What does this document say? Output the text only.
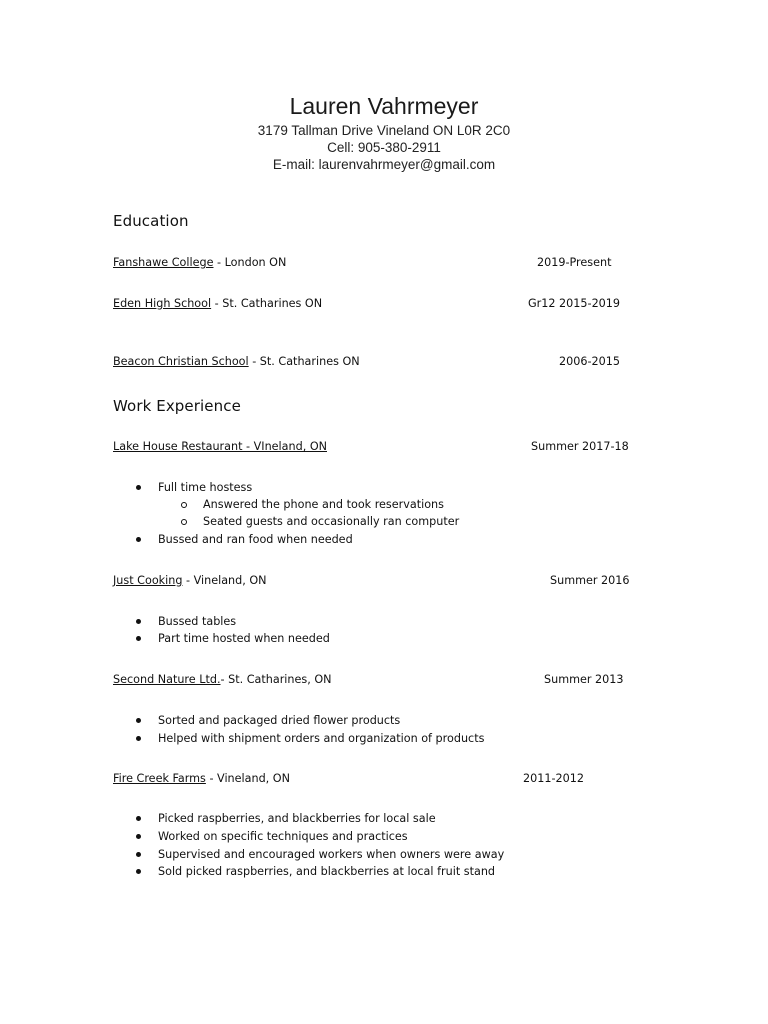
Lauren Vahrmeyer
3179 Tallman Drive Vineland ON L0R 2C0
Cell: 905-380-2911
E-mail: laurenvahrmeyer@gmail.com
Education
Fanshawe College - London ON	2019-Present
Eden High School - St. Catharines ON	Gr12 2015-2019
Beacon Christian School - St. Catharines ON	2006-2015
Work Experience
Lake House Restaurant - VIneland, ON	Summer 2017-18
Full time hostess
Answered the phone and took reservations
Seated guests and occasionally ran computer
Bussed and ran food when needed
Just Cooking - Vineland, ON	Summer 2016
Bussed tables
Part time hosted when needed
Second Nature Ltd.- St. Catharines, ON	Summer 2013
Sorted and packaged dried flower products
Helped with shipment orders and organization of products
Fire Creek Farms - Vineland, ON	2011-2012
Picked raspberries, and blackberries for local sale
Worked on specific techniques and practices
Supervised and encouraged workers when owners were away
Sold picked raspberries, and blackberries at local fruit stand
